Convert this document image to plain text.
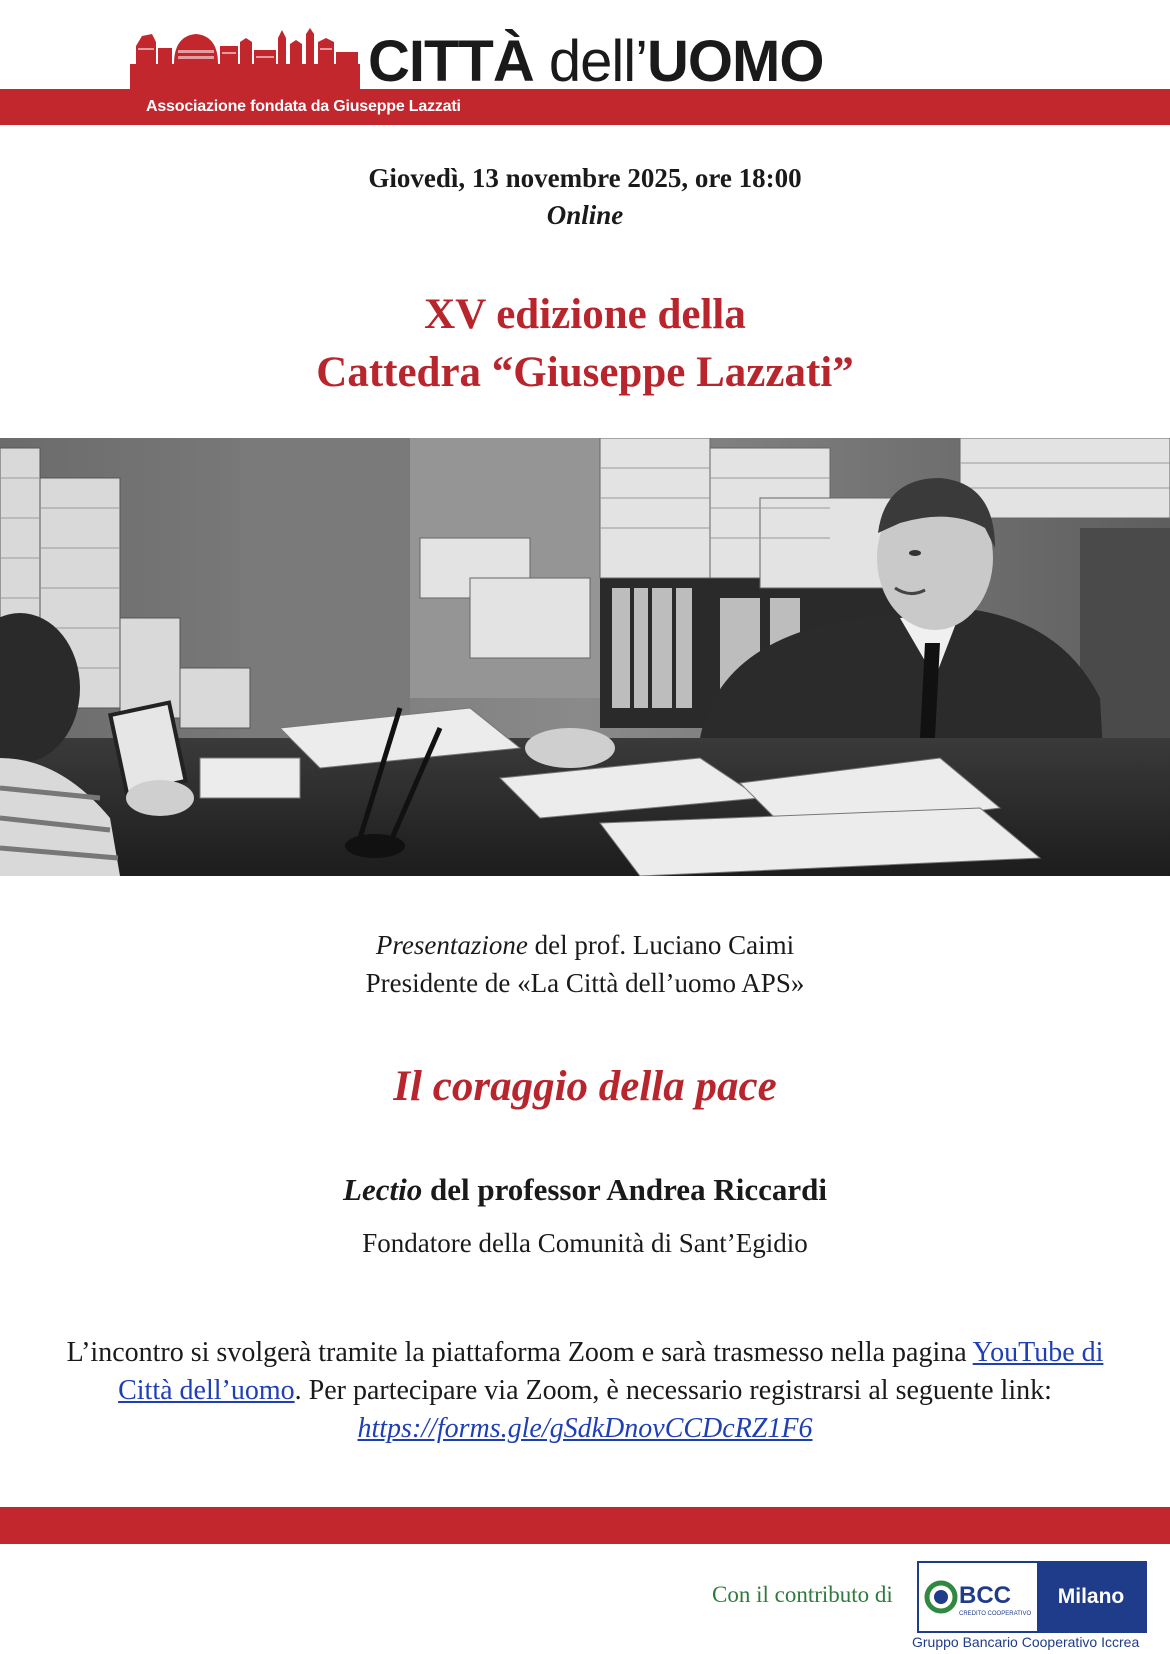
CITTÀ dell’UOMO
Associazione fondata da Giuseppe Lazzati
Giovedì, 13 novembre 2025, ore 18:00
Online
XV edizione della
Cattedra “Giuseppe Lazzati”
Presentazione del prof. Luciano Caimi
Presidente de «La Città dell’uomo APS»
Il coraggio della pace
Lectio del professor Andrea Riccardi
Fondatore della Comunità di Sant’Egidio
L’incontro si svolgerà tramite la piattaforma Zoom e sarà trasmesso nella pagina YouTube di Città dell’uomo. Per partecipare via Zoom, è necessario registrarsi al seguente link: https://forms.gle/gSdkDnovCCDcRZ1F6
Con il contributo di	BCC
CREDITO COOPERATIVO
Milano
Gruppo Bancario Cooperativo Iccrea
